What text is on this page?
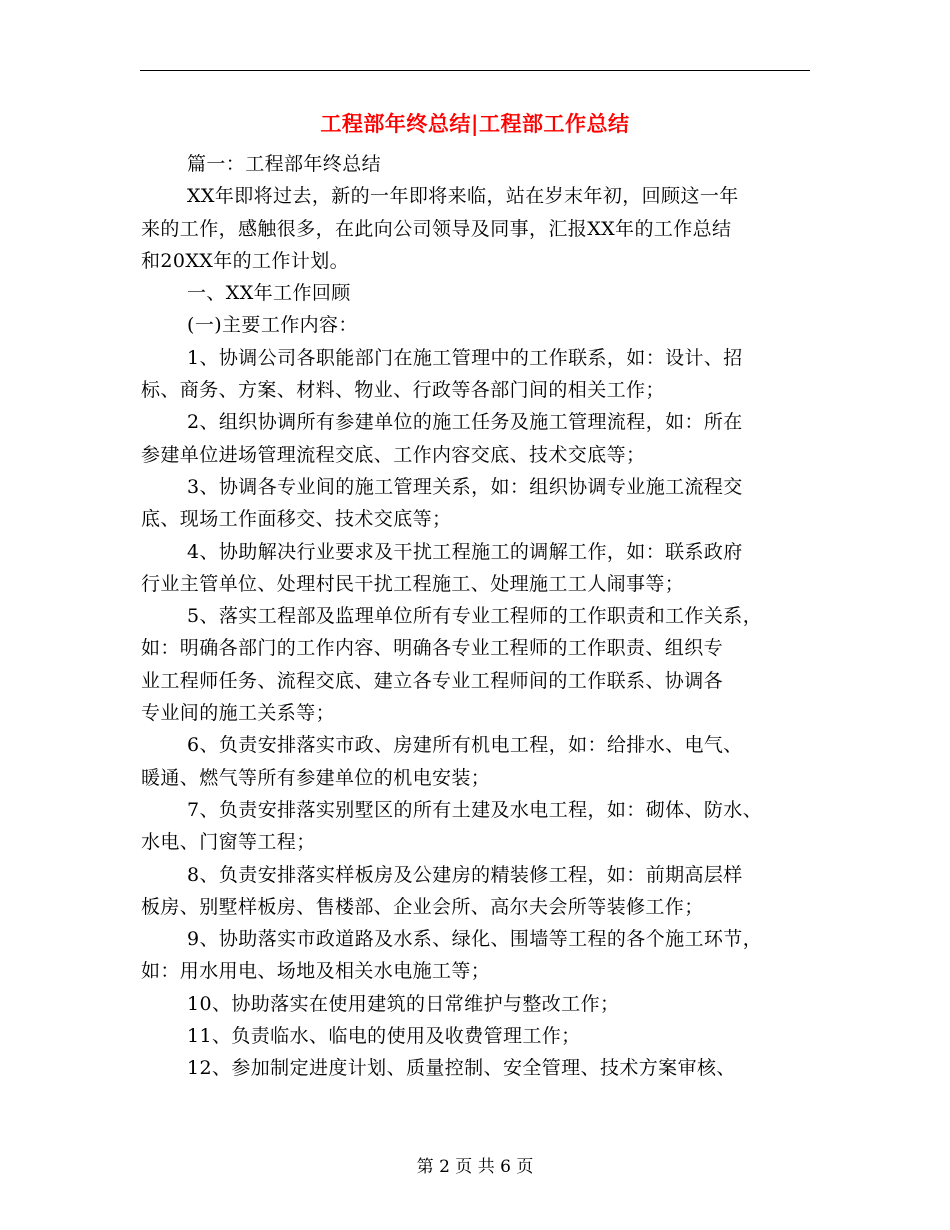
工程部年终总结|工程部工作总结
篇一：工程部年终总结
XX年即将过去，新的一年即将来临，站在岁末年初，回顾这一年
来的工作，感触很多，在此向公司领导及同事，汇报XX年的工作总结
和20XX年的工作计划。
一、XX年工作回顾
(一)主要工作内容：
1、协调公司各职能部门在施工管理中的工作联系，如：设计、招
标、商务、方案、材料、物业、行政等各部门间的相关工作；
2、组织协调所有参建单位的施工任务及施工管理流程，如：所在
参建单位进场管理流程交底、工作内容交底、技术交底等；
3、协调各专业间的施工管理关系，如：组织协调专业施工流程交
底、现场工作面移交、技术交底等；
4、协助解决行业要求及干扰工程施工的调解工作，如：联系政府
行业主管单位、处理村民干扰工程施工、处理施工工人闹事等；
5、落实工程部及监理单位所有专业工程师的工作职责和工作关系，
如：明确各部门的工作内容、明确各专业工程师的工作职责、组织专
业工程师任务、流程交底、建立各专业工程师间的工作联系、协调各
专业间的施工关系等；
6、负责安排落实市政、房建所有机电工程，如：给排水、电气、
暖通、燃气等所有参建单位的机电安装；
7、负责安排落实别墅区的所有土建及水电工程，如：砌体、防水、
水电、门窗等工程；
8、负责安排落实样板房及公建房的精装修工程，如：前期高层样
板房、别墅样板房、售楼部、企业会所、高尔夫会所等装修工作；
9、协助落实市政道路及水系、绿化、围墙等工程的各个施工环节，
如：用水用电、场地及相关水电施工等；
10、协助落实在使用建筑的日常维护与整改工作；
11、负责临水、临电的使用及收费管理工作；
12、参加制定进度计划、质量控制、安全管理、技术方案审核、
第 2 页 共 6 页
